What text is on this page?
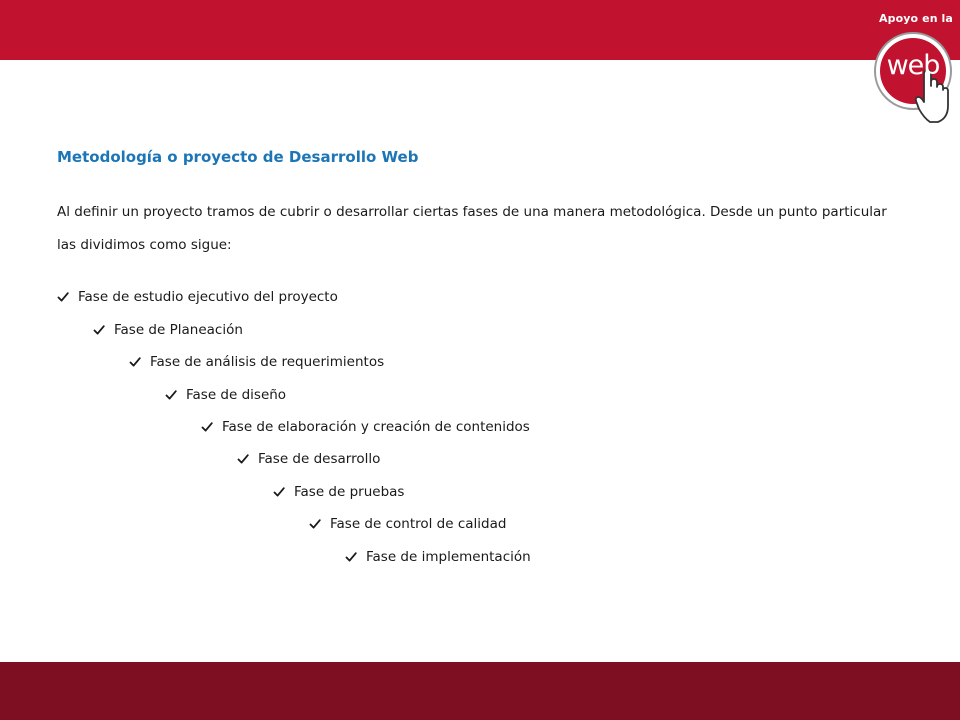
Apoyo en la
web
Metodología o proyecto de Desarrollo Web

Al definir un proyecto tramos de cubrir o desarrollar ciertas fases de una manera metodológica. Desde un punto particular las dividimos como sigue:

Fase de estudio ejecutivo del proyecto
Fase de Planeación
Fase de análisis de requerimientos
Fase de diseño
Fase de elaboración y creación de contenidos
Fase de desarrollo
Fase de pruebas
Fase de control de calidad
Fase de implementación
